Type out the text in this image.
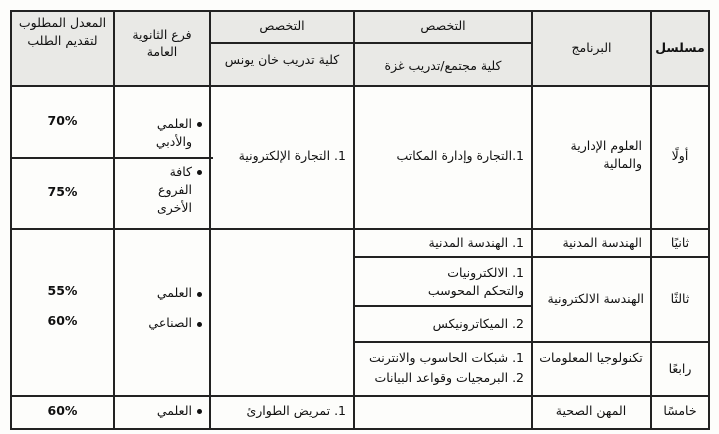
مسلسل
البرنامج
التخصص
كلية مجتمع/تدريب غزة
التخصص
كلية تدريب خان يونس
فرع الثانوية العامة
المعدل المطلوب لتقديم الطلب
أولًا
العلوم الإدارية والمالية
1.التجارة وإدارة المكاتب
1. التجارة الإلكترونية
العلمي والأدبي
70%
كافة الفروع الأخرى
75%
ثانيًا
الهندسة المدنية
1. الهندسة المدنية
ثالثًا
الهندسة الالكترونية
1. الالكترونيات والتحكم المحوسب
2. الميكاترونيكس
العلمي
55%
الصناعي
60%
رابعًا
تكنولوجيا المعلومات
1. شبكات الحاسوب والانترنت
2. البرمجيات وقواعد البيانات
خامسًا
المهن الصحية
1. تمريض الطوارئ
العلمي
60%
